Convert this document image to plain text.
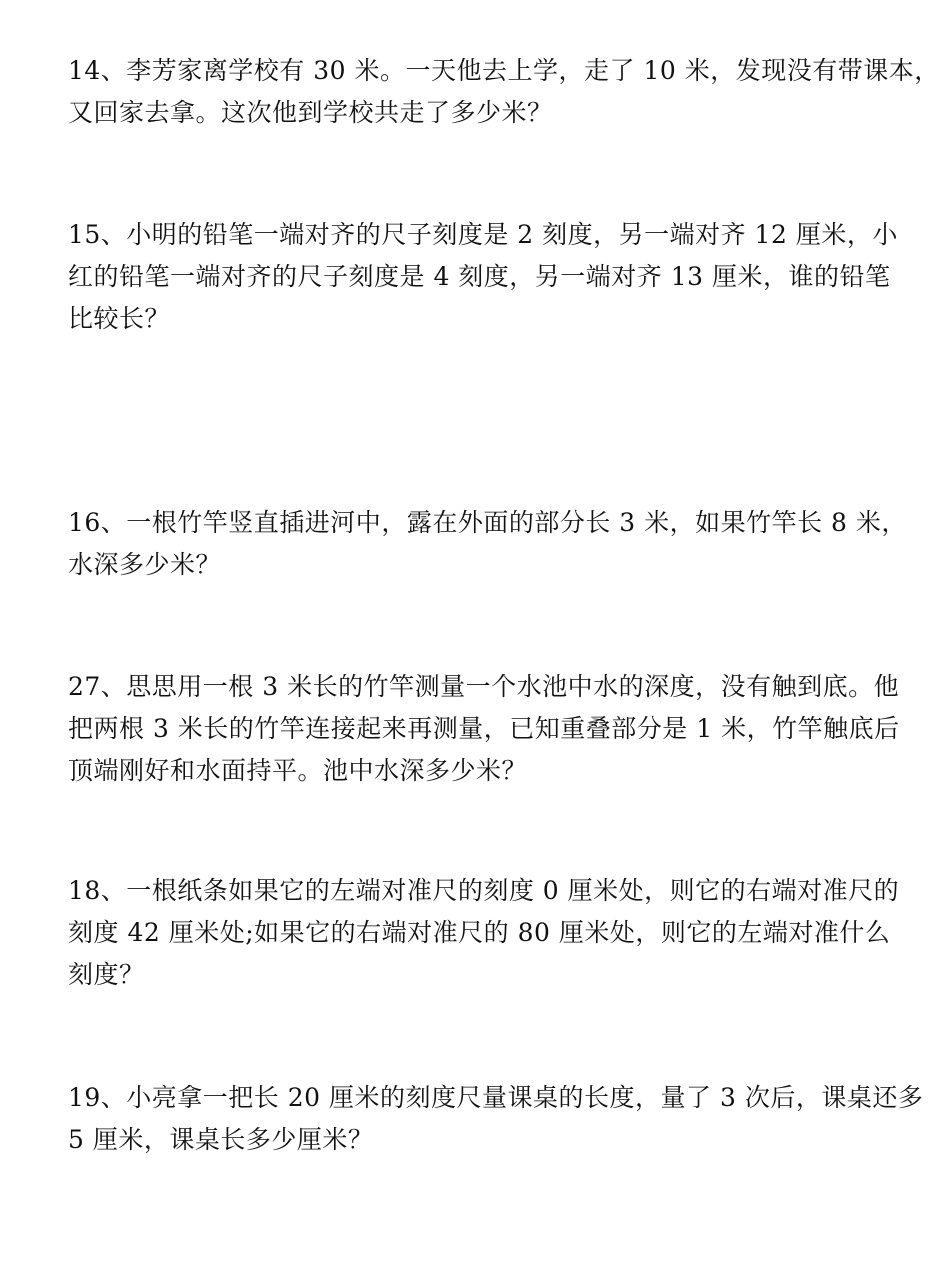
14、李芳家离学校有 30 米。一天他去上学，走了 10 米，发现没有带课本，
又回家去拿。这次他到学校共走了多少米？
15、小明的铅笔一端对齐的尺子刻度是 2 刻度，另一端对齐 12 厘米，小
红的铅笔一端对齐的尺子刻度是 4 刻度，另一端对齐 13 厘米，谁的铅笔
比较长？
16、一根竹竿竖直插进河中，露在外面的部分长 3 米，如果竹竿长 8 米，
水深多少米？
27、思思用一根 3 米长的竹竿测量一个水池中水的深度，没有触到底。他
把两根 3 米长的竹竿连接起来再测量，已知重叠部分是 1 米，竹竿触底后
顶端刚好和水面持平。池中水深多少米？
18、一根纸条如果它的左端对准尺的刻度 0 厘米处，则它的右端对准尺的
刻度 42 厘米处;如果它的右端对准尺的 80 厘米处，则它的左端对准什么
刻度？
19、小亮拿一把长 20 厘米的刻度尺量课桌的长度，量了 3 次后，课桌还多
5 厘米，课桌长多少厘米？
